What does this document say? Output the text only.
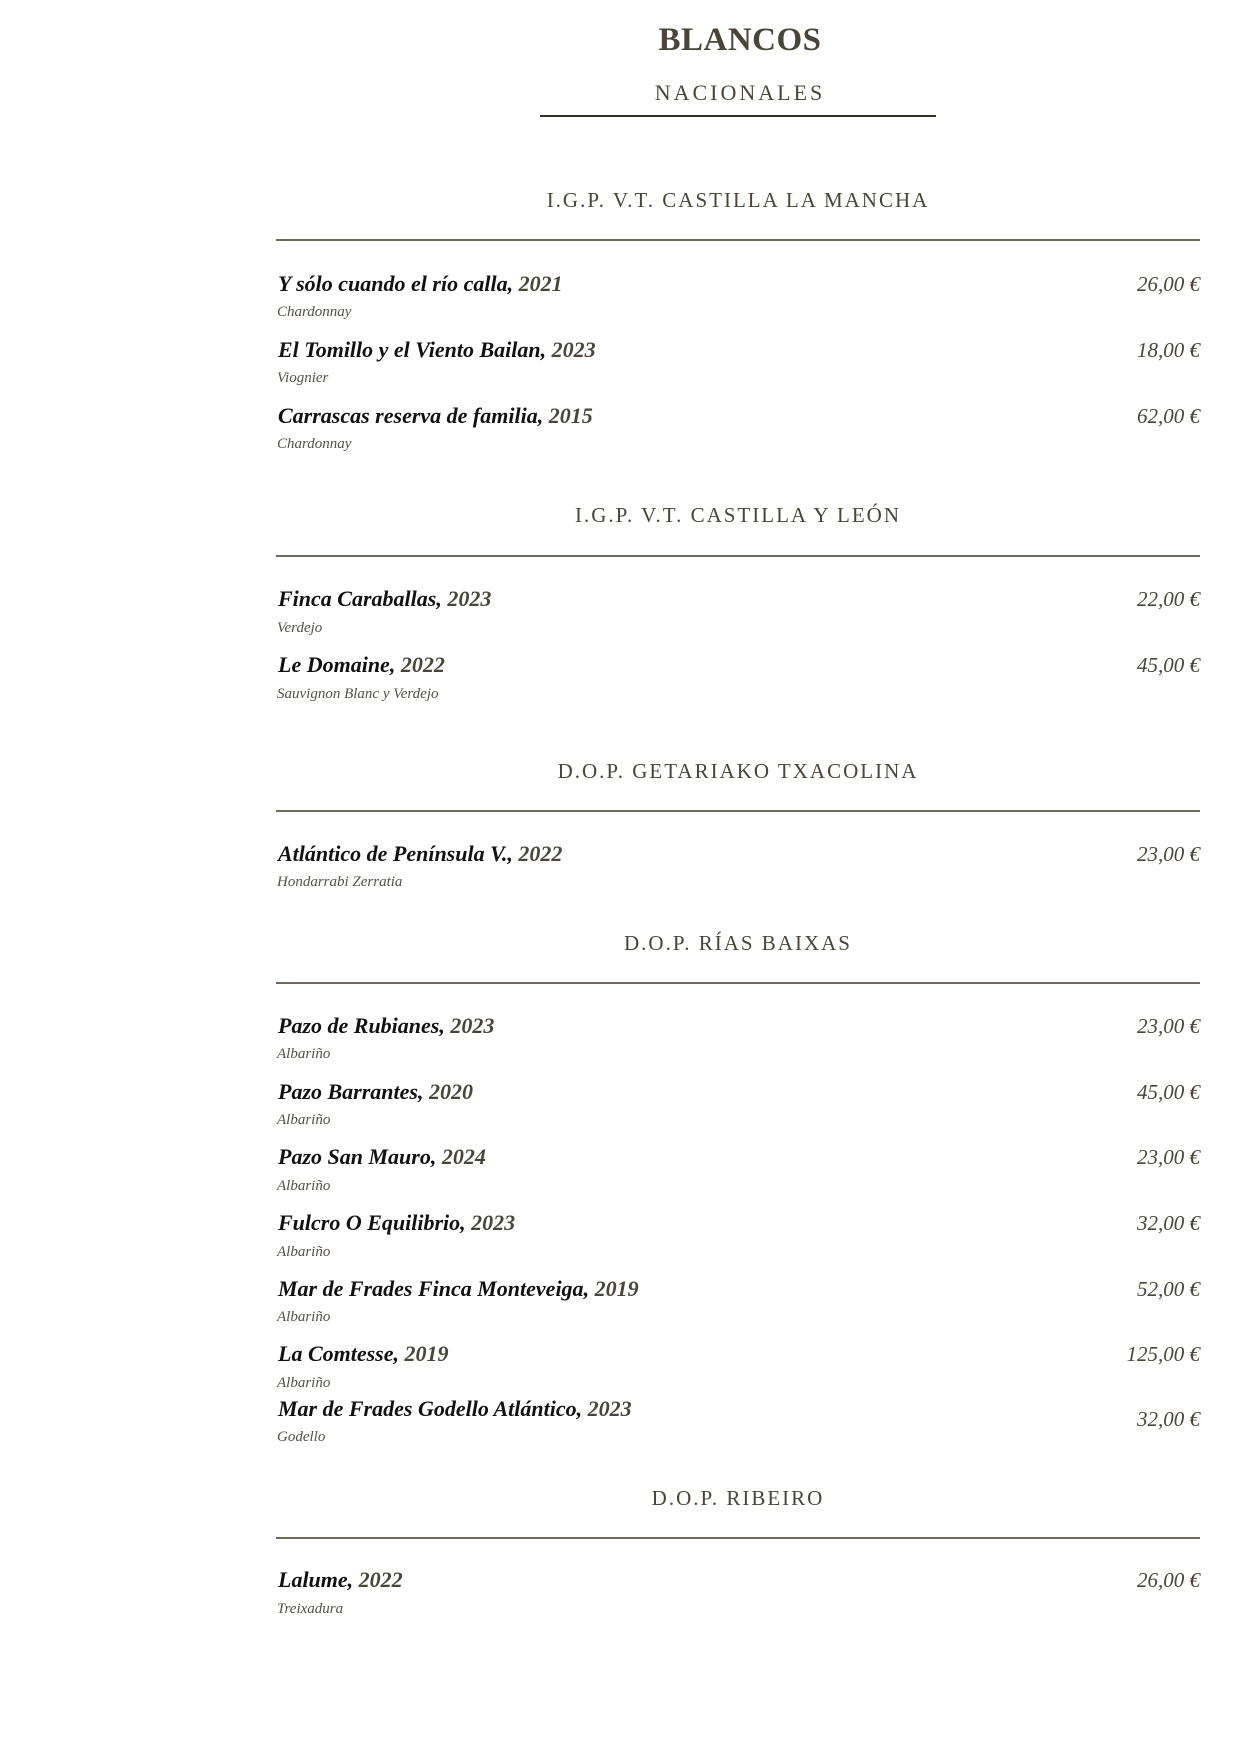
BLANCOS
NACIONALES
I.G.P. V.T. CASTILLA LA MANCHA
Y sólo cuando el río calla, 2021
Chardonnay
26,00 €
El Tomillo y el Viento Bailan, 2023
Viognier
18,00 €
Carrascas reserva de familia, 2015
Chardonnay
62,00 €
I.G.P. V.T. CASTILLA Y LEÓN
Finca Caraballas, 2023
Verdejo
22,00 €
Le Domaine, 2022
Sauvignon Blanc y Verdejo
45,00 €
D.O.P. GETARIAKO TXACOLINA
Atlántico de Península V., 2022
Hondarrabi Zerratia
23,00 €
D.O.P. RÍAS BAIXAS
Pazo de Rubianes, 2023
Albariño
23,00 €
Pazo Barrantes, 2020
Albariño
45,00 €
Pazo San Mauro, 2024
Albariño
23,00 €
Fulcro O Equilibrio, 2023
Albariño
32,00 €
Mar de Frades Finca Monteveiga, 2019
Albariño
52,00 €
La Comtesse, 2019
Albariño
125,00 €
Mar de Frades Godello Atlántico, 2023
Godello
32,00 €
D.O.P. RIBEIRO
Lalume, 2022
Treixadura
26,00 €
